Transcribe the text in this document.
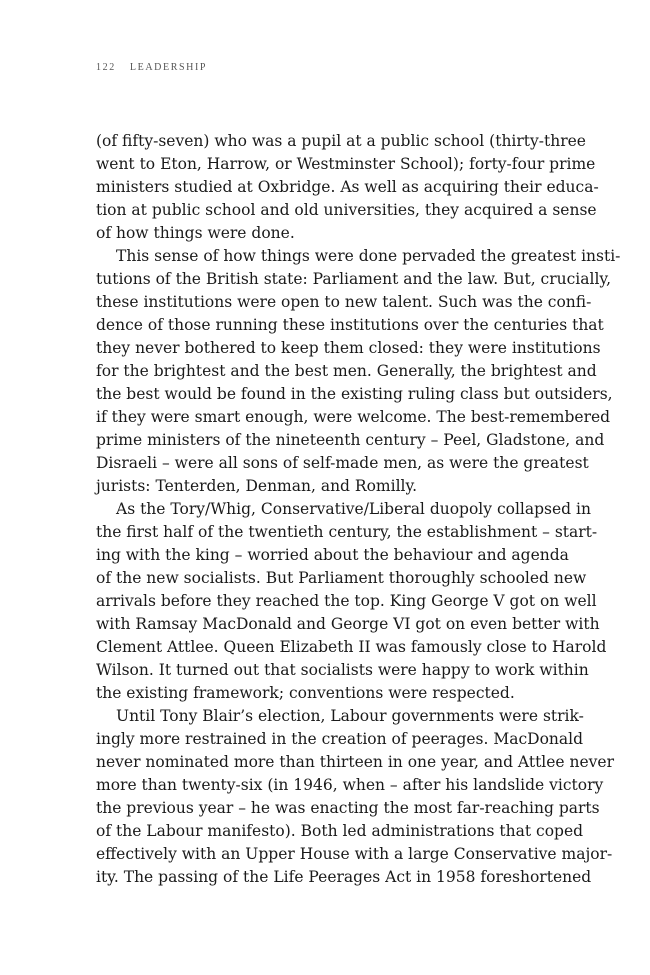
122 LEADERSHIP
(of fifty-seven) who was a pupil at a public school (thirty-three
went to Eton, Harrow, or Westminster School); forty-four prime
ministers studied at Oxbridge. As well as acquiring their educa-
tion at public school and old universities, they acquired a sense
of how things were done.
This sense of how things were done pervaded the greatest insti-
tutions of the British state: Parliament and the law. But, crucially,
these institutions were open to new talent. Such was the confi-
dence of those running these institutions over the centuries that
they never bothered to keep them closed: they were institutions
for the brightest and the best men. Generally, the brightest and
the best would be found in the existing ruling class but outsiders,
if they were smart enough, were welcome. The best-remembered
prime ministers of the nineteenth century – Peel, Gladstone, and
Disraeli – were all sons of self-made men, as were the greatest
jurists: Tenterden, Denman, and Romilly.
As the Tory/Whig, Conservative/Liberal duopoly collapsed in
the first half of the twentieth century, the establishment – start-
ing with the king – worried about the behaviour and agenda
of the new socialists. But Parliament thoroughly schooled new
arrivals before they reached the top. King George V got on well
with Ramsay MacDonald and George VI got on even better with
Clement Attlee. Queen Elizabeth II was famously close to Harold
Wilson. It turned out that socialists were happy to work within
the existing framework; conventions were respected.
Until Tony Blair’s election, Labour governments were strik-
ingly more restrained in the creation of peerages. MacDonald
never nominated more than thirteen in one year, and Attlee never
more than twenty-six (in 1946, when – after his landslide victory
the previous year – he was enacting the most far-reaching parts
of the Labour manifesto). Both led administrations that coped
effectively with an Upper House with a large Conservative major-
ity. The passing of the Life Peerages Act in 1958 foreshortened
